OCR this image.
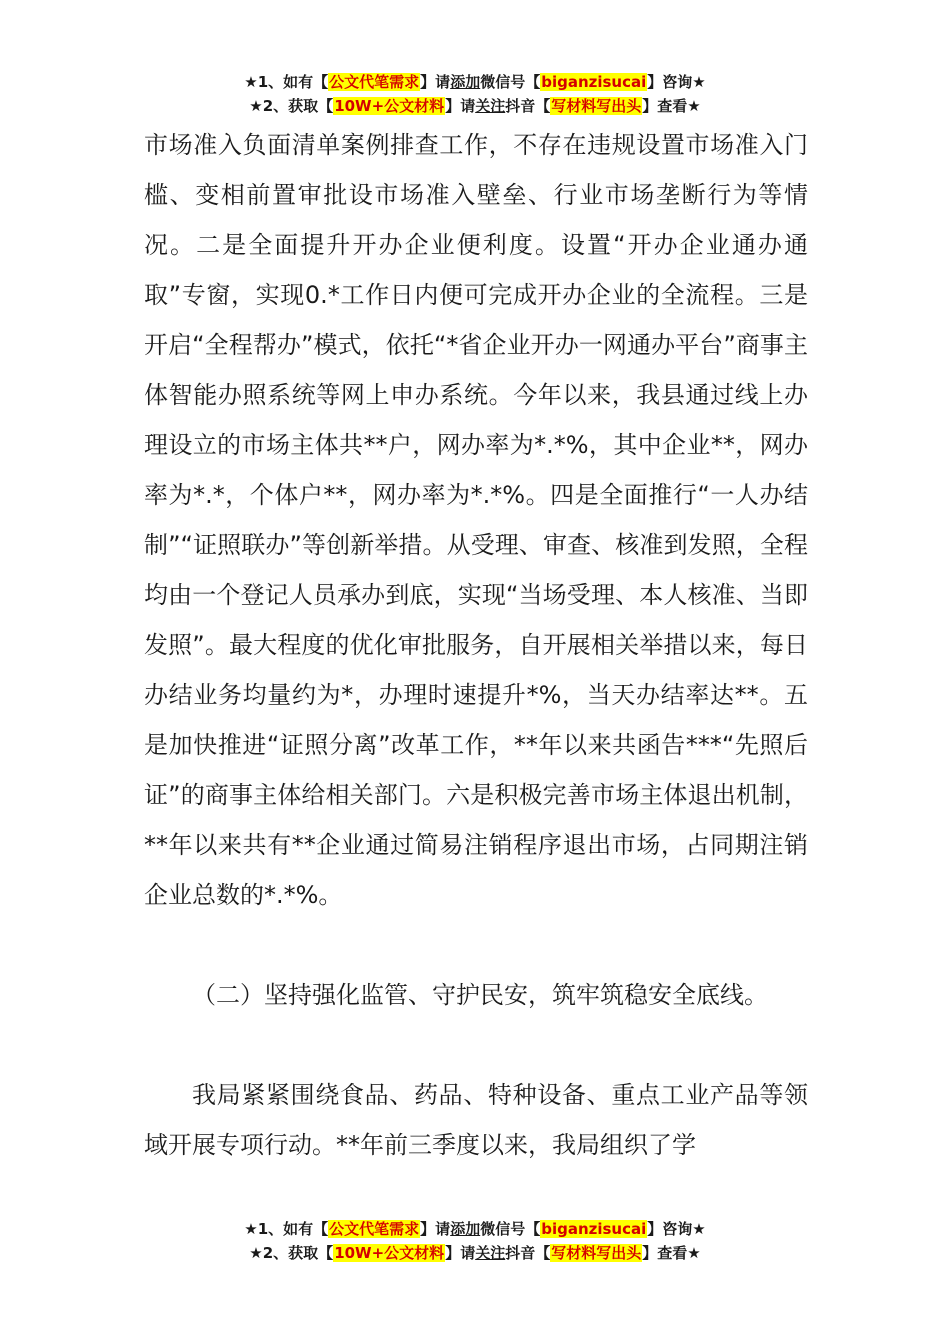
★1、如有【公文代笔需求】请添加微信号【biganzisucai】咨询★
★2、获取【10W+公文材料】请关注抖音【写材料写出头】查看★

市场准入负面清单案例排查工作，不存在违规设置市场准入门槛、变相前置审批设市场准入壁垒、行业市场垄断行为等情况。二是全面提升开办企业便利度。设置“开办企业通办通取”专窗，实现0.*工作日内便可完成开办企业的全流程。三是开启“全程帮办”模式，依托“*省企业开办一网通办平台”商事主体智能办照系统等网上申办系统。今年以来，我县通过线上办理设立的市场主体共**户，网办率为*.*%，其中企业**，网办率为*.*，个体户**，网办率为*.*%。四是全面推行“一人办结制”“证照联办”等创新举措。从受理、审查、核准到发照，全程均由一个登记人员承办到底，实现“当场受理、本人核准、当即发照”。最大程度的优化审批服务，自开展相关举措以来，每日办结业务均量约为*，办理时速提升*%，当天办结率达**。五是加快推进“证照分离”改革工作，**年以来共函告***“先照后证”的商事主体给相关部门。六是积极完善市场主体退出机制，**年以来共有**企业通过简易注销程序退出市场，占同期注销企业总数的*.*%。

（二）坚持强化监管、守护民安，筑牢筑稳安全底线。

我局紧紧围绕食品、药品、特种设备、重点工业产品等领域开展专项行动。**年前三季度以来，我局组织了学

★1、如有【公文代笔需求】请添加微信号【biganzisucai】咨询★
★2、获取【10W+公文材料】请关注抖音【写材料写出头】查看★
